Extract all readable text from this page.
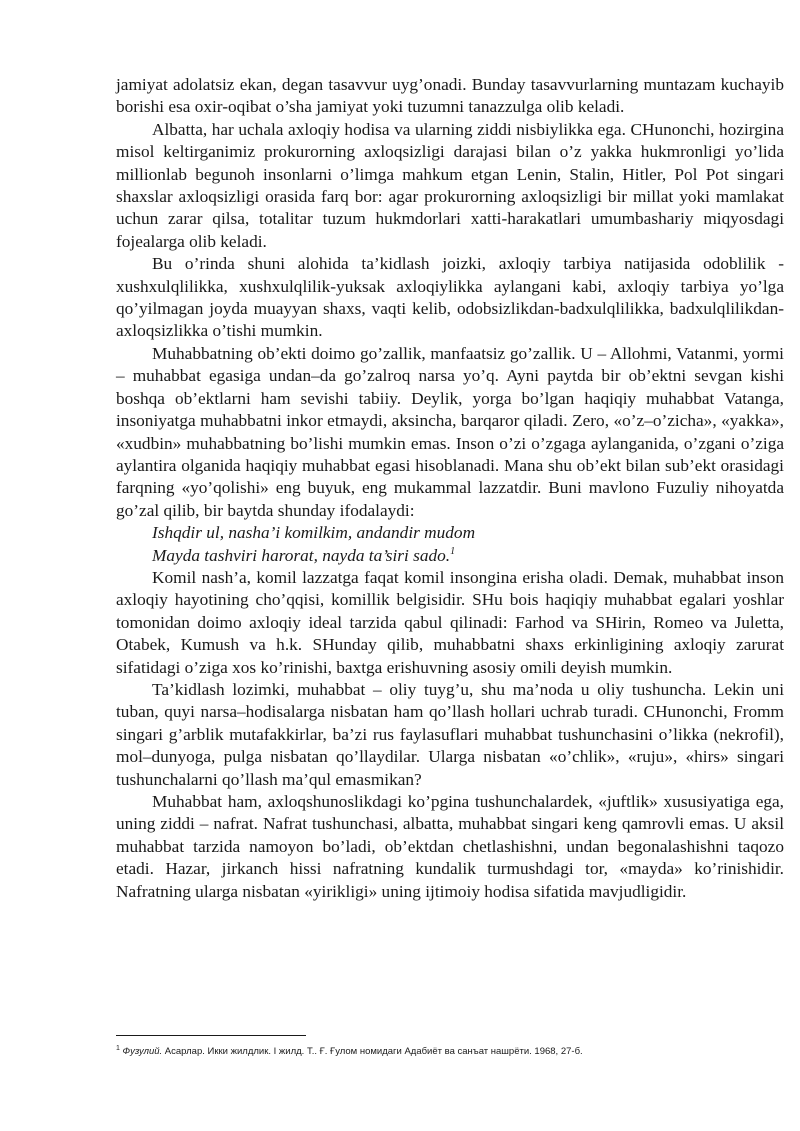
jamiyat adolatsiz ekan, degan tasavvur uyg’onadi. Bunday tasavvurlarning muntazam kuchayib borishi esa oxir-oqibat o’sha jamiyat yoki tuzumni tanazzulga olib keladi.

Albatta, har uchala axloqiy hodisa va ularning ziddi nisbiylikka ega. CHunonchi, hozirgina misol keltirganimiz prokurorning axloqsizligi darajasi bilan o’z yakka hukmronligi yo’lida millionlab begunoh insonlarni o’limga mahkum etgan Lenin, Stalin, Hitler, Pol Pot singari shaxslar axloqsizligi orasida farq bor: agar prokurorning axloqsizligi bir millat yoki mamlakat uchun zarar qilsa, totalitar tuzum hukmdorlari xatti-harakatlari umumbashariy miqyosdagi fojealarga olib keladi.

Bu o’rinda shuni alohida ta’kidlash joizki, axloqiy tarbiya natijasida odoblilik - xushxulqlilikka, xushxulqlilik-yuksak axloqiylikka aylangani kabi, axloqiy tarbiya yo’lga qo’yilmagan joyda muayyan shaxs, vaqti kelib, odobsizlikdan-badxulqlilikka, badxulqlilikdan-axloqsizlikka o’tishi mumkin.

Muhabbatning ob’ekti doimo go’zallik, manfaatsiz go’zallik. U – Allohmi, Vatanmi, yormi – muhabbat egasiga undan–da go’zalroq narsa yo’q. Ayni paytda bir ob’ektni sevgan kishi boshqa ob’ektlarni ham sevishi tabiiy. Deylik, yorga bo’lgan haqiqiy muhabbat Vatanga, insoniyatga muhabbatni inkor etmaydi, aksincha, barqaror qiladi. Zero, «o’z–o’zicha», «yakka», «xudbin» muhabbatning bo’lishi mumkin emas. Inson o’zi o’zgaga aylanganida, o’zgani o’ziga aylantira olganida haqiqiy muhabbat egasi hisoblanadi. Mana shu ob’ekt bilan sub’ekt orasidagi farqning «yo’qolishi» eng buyuk, eng mukammal lazzatdir. Buni mavlono Fuzuliy nihoyatda go’zal qilib, bir baytda shunday ifodalaydi:

Ishqdir ul, nasha’i komilkim, andandir mudom

Mayda tashviri harorat, nayda ta’siri sado.$^1$

Komil nash’a, komil lazzatga faqat komil insongina erisha oladi. Demak, muhabbat inson axloqiy hayotining cho’qqisi, komillik belgisidir. SHu bois haqiqiy muhabbat egalari yoshlar tomonidan doimo axloqiy ideal tarzida qabul qilinadi: Farhod va SHirin, Romeo va Juletta, Otabek, Kumush va h.k. SHunday qilib, muhabbatni shaxs erkinligining axloqiy zarurat sifatidagi o’ziga xos ko’rinishi, baxtga erishuvning asosiy omili deyish mumkin.

Ta’kidlash lozimki, muhabbat – oliy tuyg’u, shu ma’noda u oliy tushuncha. Lekin uni tuban, quyi narsa–hodisalarga nisbatan ham qo’llash hollari uchrab turadi. CHunonchi, Fromm singari g’arblik mutafakkirlar, ba’zi rus faylasuflari muhabbat tushunchasini o’likka (nekrofil), mol–dunyoga, pulga nisbatan qo’llaydilar. Ularga nisbatan «o’chlik», «ruju», «hirs» singari tushunchalarni qo’llash ma’qul emasmikan?

Muhabbat ham, axloqshunoslikdagi ko’pgina tushunchalardek, «juftlik» xususiyatiga ega, uning ziddi – nafrat. Nafrat tushunchasi, albatta, muhabbat singari keng qamrovli emas. U aksil muhabbat tarzida namoyon bo’ladi, ob’ektdan chetlashishni, undan begonalashishni taqozo etadi. Hazar, jirkanch hissi nafratning kundalik turmushdagi tor, «mayda» ko’rinishidir. Nafratning ularga nisbatan «yirikligi» uning ijtimoiy hodisa sifatida mavjudligidir.

$^1$ Фузулий. Асарлар. Икки жилдлик. I жилд. Т.. Ғ. Ғулом номидаги Адабиёт ва санъат нашрёти. 1968, 27-б.
